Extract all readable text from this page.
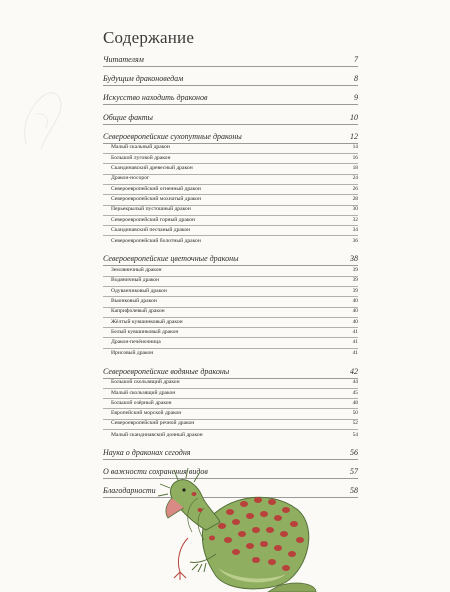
Содержание
Читателям	7
Будущим драконоведам	8
Искусство находить драконов	9
Общие факты	10
Североевропейские сухопутные драконы	12
Малый скальный дракон	14
Большой луговой дракон	16
Скандинавский древесный дракон	18
Дракон-носорог	24
Североевропейский огненный дракон	26
Североевропейский мохнатый дракон	28
Перьекрылый пустошный дракон	30
Североевропейский горный дракон	32
Скандинавский песчаный дракон	34
Североевропейский болотный дракон	36
Североевропейские цветочные драконы	38
Земляничный дракон	39
Водяничный дракон	39
Одуванчиковый дракон	39
Вьюнковый дракон	40
Каприфолевый дракон	40
Жёлтый кувшинковый дракон	40
Белый кувшинковый дракон	41
Дракон-печёночница	41
Ирисовый дракон	41
Североевропейские водяные драконы	42
Большой скользящий дракон	44
Малый скользящий дракон	45
Большой озёрный дракон	48
Европейский морской дракон	50
Североевропейский речной дракон	52
Малый скандинавский донный дракон	54
Наука о драконах сегодня	56
О важности сохранения видов	57
Благодарности	58
